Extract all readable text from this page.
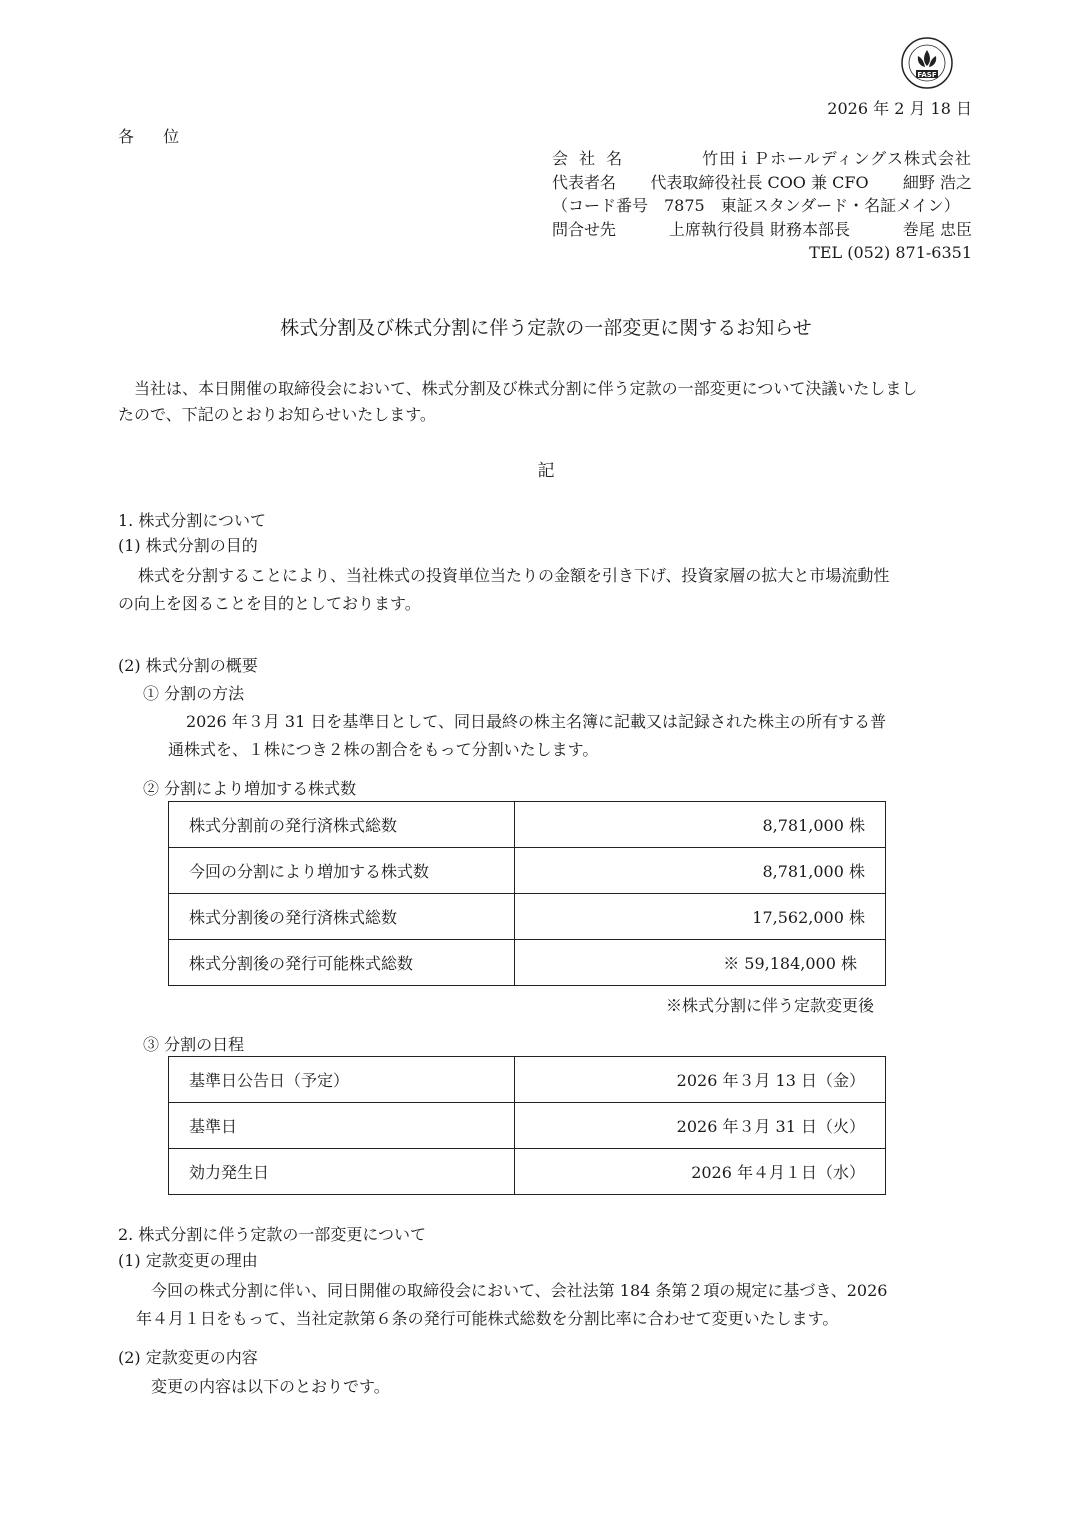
FASF
2026 年 2 月 18 日
各 位
会 社 名	竹田ｉＰホールディングス株式会社
代表者名 代表取締役社長 COO 兼 CFO 細野 浩之
（コード番号　7875　東証スタンダード・名証メイン）
問合せ先	上席執行役員 財務本部長	巻尾 忠臣
TEL (052) 871-6351
株式分割及び株式分割に伴う定款の一部変更に関するお知らせ
　当社は、本日開催の取締役会において、株式分割及び株式分割に伴う定款の一部変更について決議いたしまし
たので、下記のとおりお知らせいたします。
記
1. 株式分割について
(1) 株式分割の目的
株式を分割することにより、当社株式の投資単位当たりの金額を引き下げ、投資家層の拡大と市場流動性
の向上を図ることを目的としております。
(2) 株式分割の概要
① 分割の方法
2026 年３月 31 日を基準日として、同日最終の株主名簿に記載又は記録された株主の所有する普
通株式を、１株につき２株の割合をもって分割いたします。
② 分割により増加する株式数
株式分割前の発行済株式総数	8,781,000 株
今回の分割により増加する株式数	8,781,000 株
株式分割後の発行済株式総数	17,562,000 株
株式分割後の発行可能株式総数	※ 59,184,000 株
※株式分割に伴う定款変更後
③ 分割の日程
基準日公告日（予定）	2026 年３月 13 日（金）
基準日	2026 年３月 31 日（火）
効力発生日	2026 年４月１日（水）
2. 株式分割に伴う定款の一部変更について
(1) 定款変更の理由
今回の株式分割に伴い、同日開催の取締役会において、会社法第 184 条第２項の規定に基づき、2026
年４月１日をもって、当社定款第６条の発行可能株式総数を分割比率に合わせて変更いたします。
(2) 定款変更の内容
変更の内容は以下のとおりです。
